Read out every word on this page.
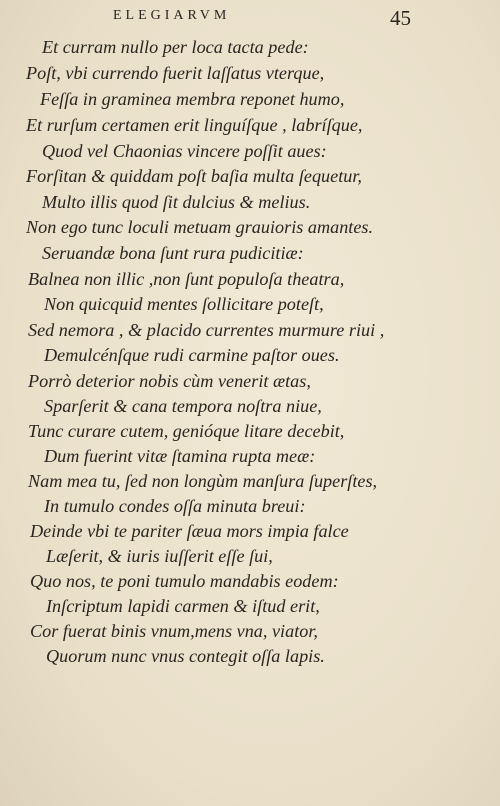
ELEGIARVM	45
Et curram nullo per loca tacta pede:
Poſt, vbi currendo fuerit laſſatus vterque,
Feſſa in graminea membra reponet humo,
Et rurſum certamen erit linguíſque , labríſque,
Quod vel Chaonias vincere poſſit aues:
Forſitan & quiddam poſt baſia multa ſequetur,
Multo illis quod ſit dulcius & melius.
Non ego tunc loculi metuam grauioris amantes.
Seruandæ bona ſunt rura pudicitiæ:
Balnea non illic ,non ſunt populoſa theatra,
Non quicquid mentes ſollicitare poteſt,
Sed nemora , & placido currentes murmure riui ,
Demulcénſque rudi carmine paſtor oues.
Porrò deterior nobis cùm venerit ætas,
Sparſerit & cana tempora noſtra niue,
Tunc curare cutem, genióque litare decebit,
Dum fuerint vitæ ſtamina rupta meæ:
Nam mea tu, ſed non longùm manſura ſuperſtes,
In tumulo condes oſſa minuta breui:
Deinde vbi te pariter ſæua mors impia falce
Læſerit, & iuris iuſſerit eſſe ſui,
Quo nos, te poni tumulo mandabis eodem:
Inſcriptum lapidi carmen & iſtud erit,
Cor fuerat binis vnum,mens vna, viator,
Quorum nunc vnus contegit oſſa lapis.
